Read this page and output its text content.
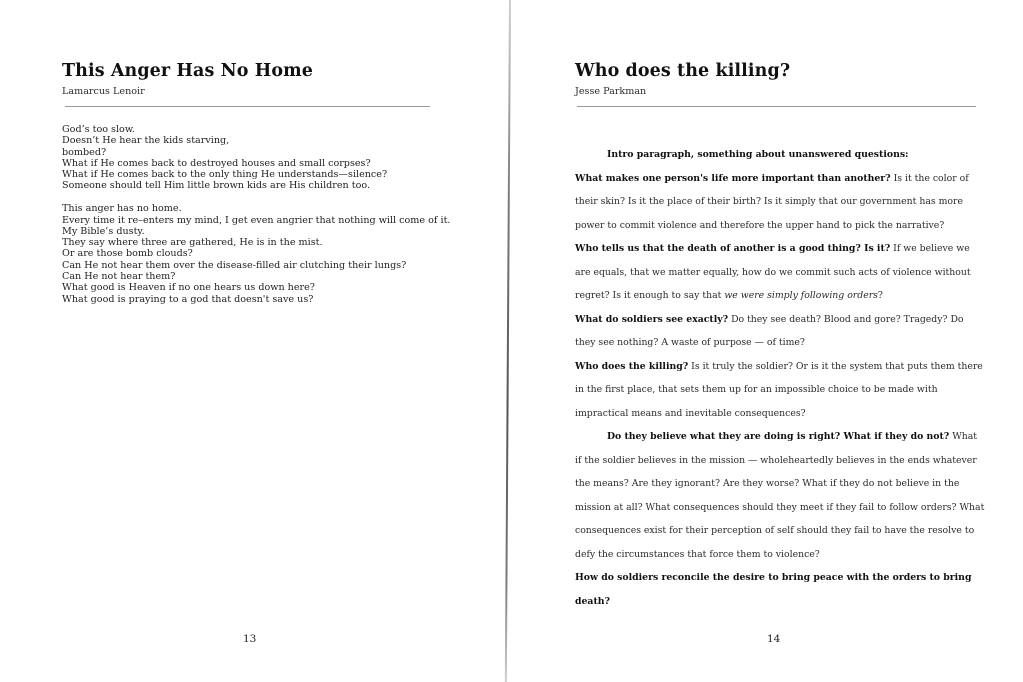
This Anger Has No Home
Lamarcus Lenoir
God’s too slow.
Doesn’t He hear the kids starving,
bombed?
What if He comes back to destroyed houses and small corpses?
What if He comes back to the only thing He understands—silence?
Someone should tell Him little brown kids are His children too.
This anger has no home.
Every time it re–enters my mind, I get even angrier that nothing will come of it.
My Bible’s dusty.
They say where three are gathered, He is in the mist.
Or are those bomb clouds?
Can He not hear them over the disease-filled air clutching their lungs?
Can He not hear them?
What good is Heaven if no one hears us down here?
What good is praying to a god that doesn't save us?
13
Who does the killing?
Jesse Parkman

Intro paragraph, something about unanswered questions:

What makes one person's life more important than another? Is it the color of their skin? Is it the place of their birth? Is it simply that our government has more power to commit violence and therefore the upper hand to pick the narrative?

Who tells us that the death of another is a good thing? Is it? If we believe we are equals, that we matter equally, how do we commit such acts of violence without regret? Is it enough to say that we were simply following orders?

What do soldiers see exactly? Do they see death? Blood and gore? Tragedy? Do they see nothing? A waste of purpose — of time?

Who does the killing? Is it truly the soldier? Or is it the system that puts them there in the first place, that sets them up for an impossible choice to be made with impractical means and inevitable consequences?

Do they believe what they are doing is right? What if they do not? What if the soldier believes in the mission — wholeheartedly believes in the ends whatever the means? Are they ignorant? Are they worse? What if they do not believe in the mission at all? What consequences should they meet if they fail to follow orders? What consequences exist for their perception of self should they fail to have the resolve to defy the circumstances that force them to violence?

How do soldiers reconcile the desire to bring peace with the orders to bring death?

14
